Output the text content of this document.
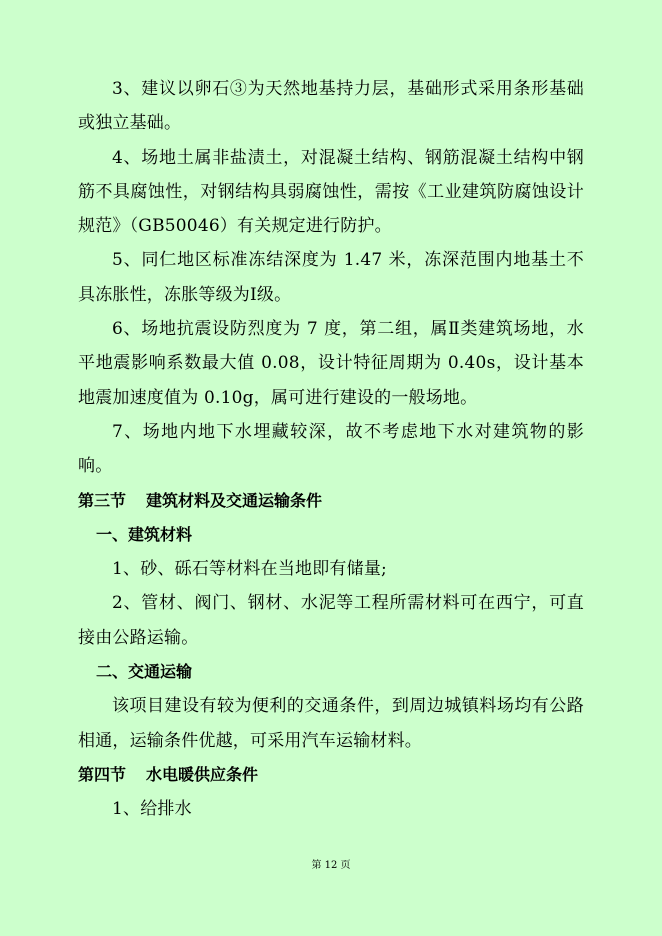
3、建议以卵石③为天然地基持力层，基础形式采用条形基础或独立基础。

4、场地土属非盐渍土，对混凝土结构、钢筋混凝土结构中钢筋不具腐蚀性，对钢结构具弱腐蚀性，需按《工业建筑防腐蚀设计规范》（GB50046）有关规定进行防护。

5、同仁地区标准冻结深度为 1.47 米，冻深范围内地基土不具冻胀性，冻胀等级为Ⅰ级。

6、场地抗震设防烈度为 7 度，第二组，属Ⅱ类建筑场地，水平地震影响系数最大值 0.08，设计特征周期为 0.40s，设计基本地震加速度值为 0.10g，属可进行建设的一般场地。

7、场地内地下水埋藏较深，故不考虑地下水对建筑物的影响。

第三节 建筑材料及交通运输条件

一、建筑材料

1、砂、砾石等材料在当地即有储量;

2、管材、阀门、钢材、水泥等工程所需材料可在西宁，可直接由公路运输。

二、交通运输

该项目建设有较为便利的交通条件，到周边城镇料场均有公路相通，运输条件优越，可采用汽车运输材料。

第四节 水电暖供应条件

1、给排水

第 12 页
